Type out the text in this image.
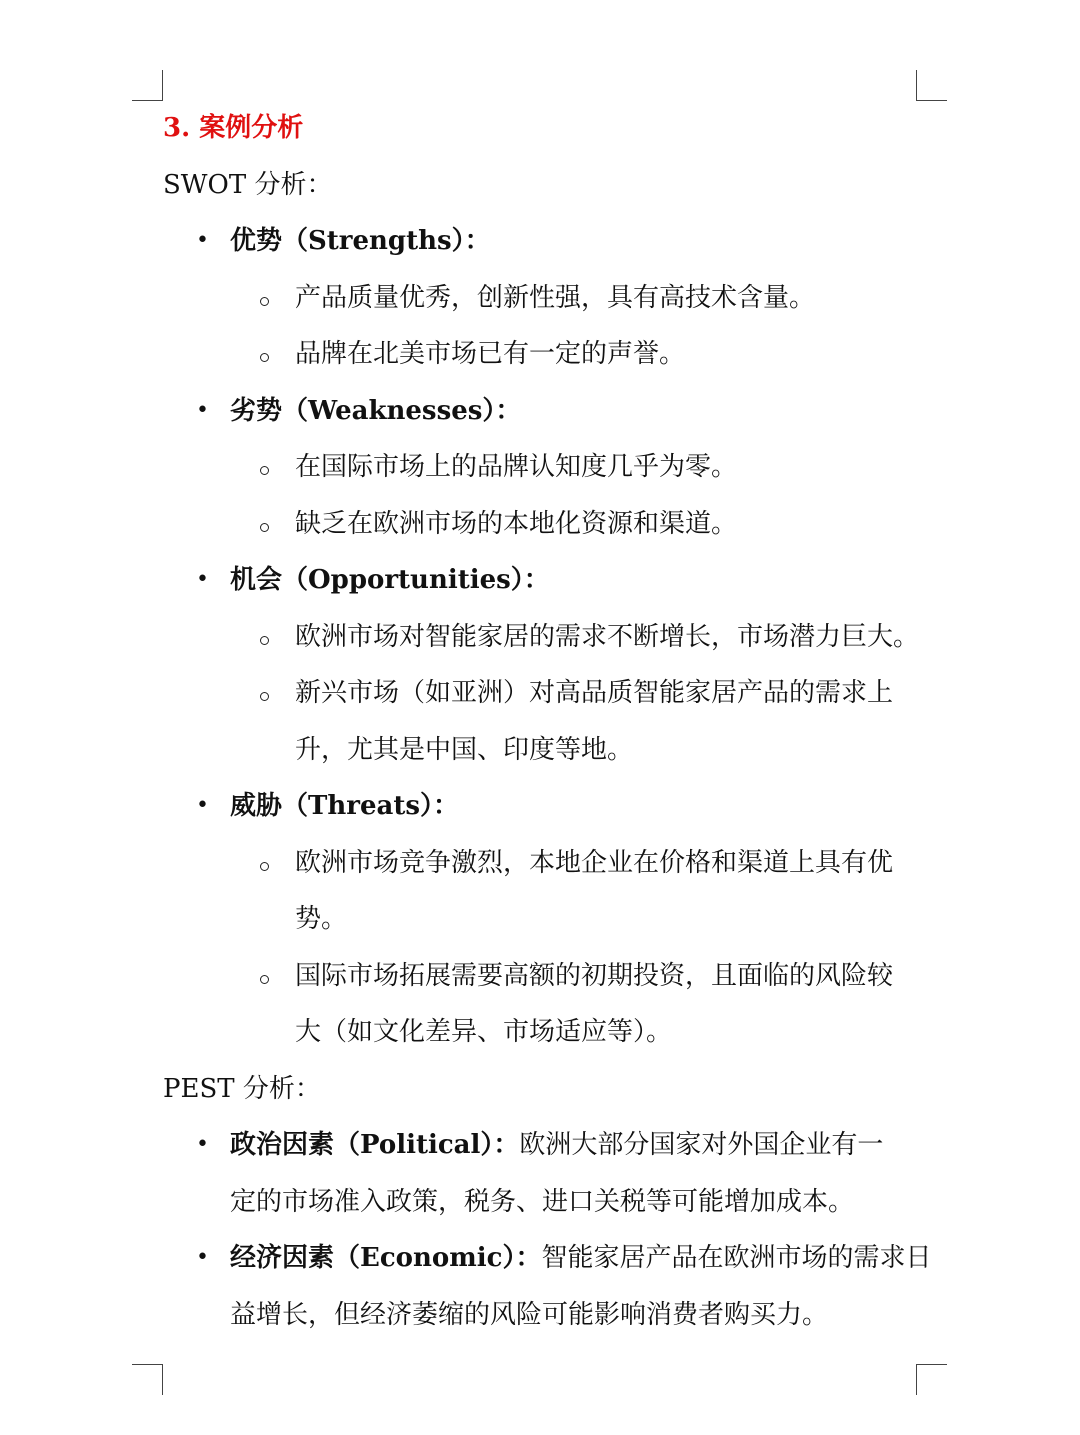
3. 案例分析
SWOT 分析：
• 优势（Strengths）：
产品质量优秀，创新性强，具有高技术含量。
品牌在北美市场已有一定的声誉。
• 劣势（Weaknesses）：
在国际市场上的品牌认知度几乎为零。
缺乏在欧洲市场的本地化资源和渠道。
• 机会（Opportunities）：
欧洲市场对智能家居的需求不断增长，市场潜力巨大。
新兴市场（如亚洲）对高品质智能家居产品的需求上
升，尤其是中国、印度等地。
• 威胁（Threats）：
欧洲市场竞争激烈，本地企业在价格和渠道上具有优
势。
国际市场拓展需要高额的初期投资，且面临的风险较
大（如文化差异、市场适应等）。
PEST 分析：
• 政治因素（Political）：欧洲大部分国家对外国企业有一
定的市场准入政策，税务、进口关税等可能增加成本。
• 经济因素（Economic）：智能家居产品在欧洲市场的需求日
益增长，但经济萎缩的风险可能影响消费者购买力。
